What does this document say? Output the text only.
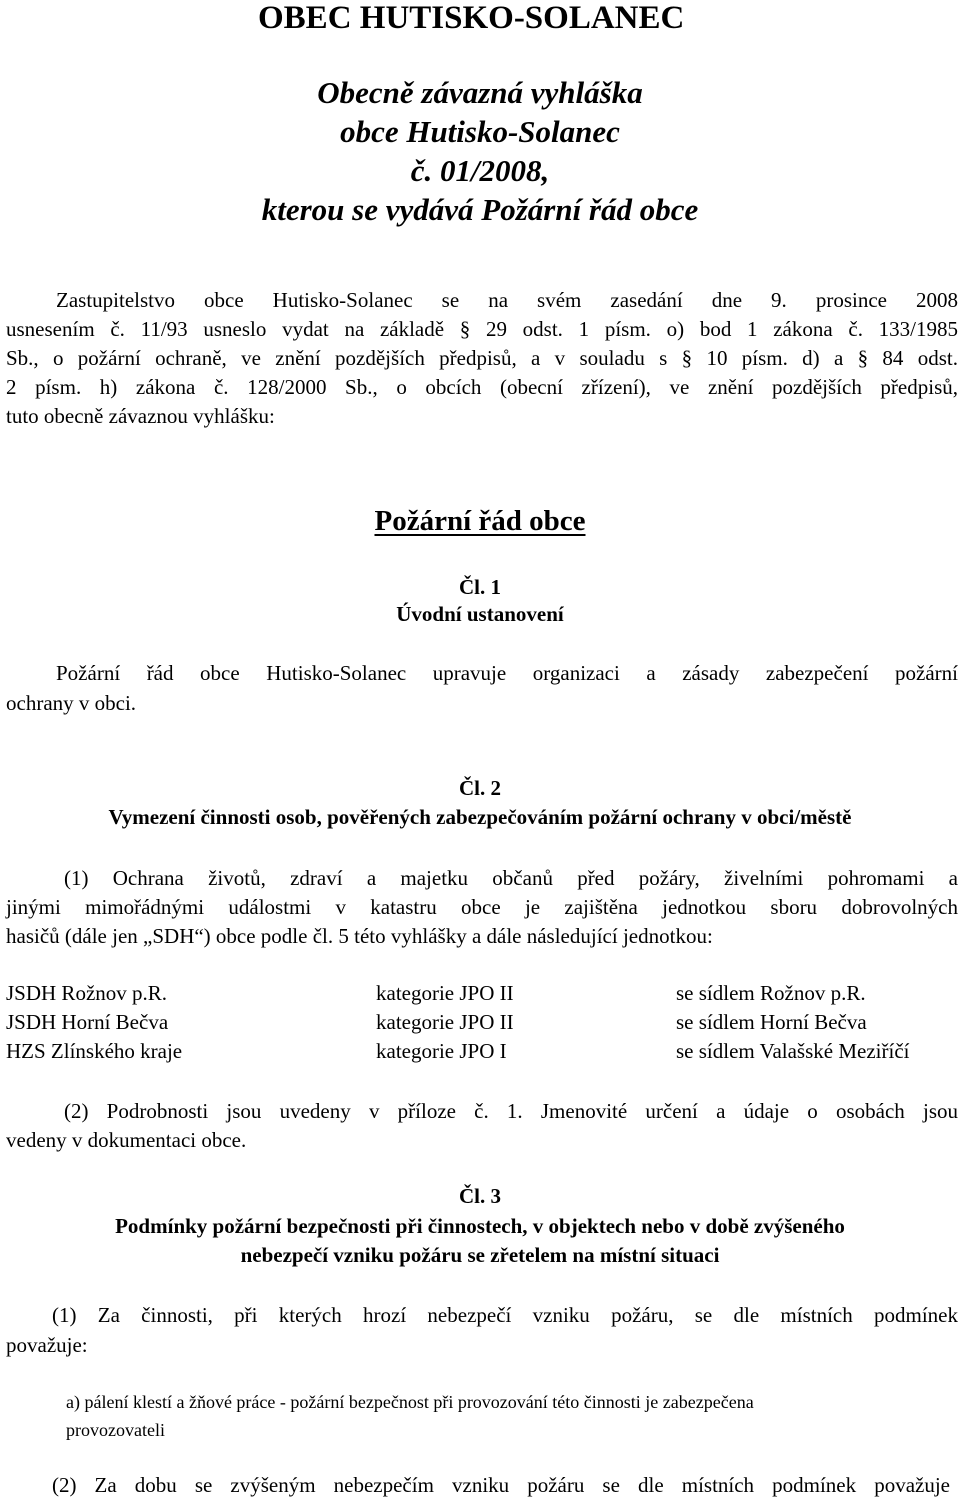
OBEC HUTISKO-SOLANEC
Obecně závazná vyhláška
obce Hutisko-Solanec
č. 01/2008,
kterou se vydává Požární řád obce
Zastupitelstvo obce Hutisko-Solanec se na svém zasedání dne 9. prosince 2008
usnesením č. 11/93 usneslo vydat na základě § 29 odst. 1 písm. o) bod 1 zákona č. 133/1985
Sb., o požární ochraně, ve znění pozdějších předpisů, a v souladu s § 10 písm. d) a § 84 odst.
2 písm. h) zákona č. 128/2000 Sb., o obcích (obecní zřízení), ve znění pozdějších předpisů,
tuto obecně závaznou vyhlášku:
Požární řád obce
Čl. 1
Úvodní ustanovení
Požární řád obce Hutisko-Solanec upravuje organizaci a zásady zabezpečení požární
ochrany v obci.
Čl. 2
Vymezení činnosti osob, pověřených zabezpečováním požární ochrany v obci/městě
(1) Ochrana životů, zdraví a majetku občanů před požáry, živelními pohromami a
jinými mimořádnými událostmi v katastru obce je zajištěna jednotkou sboru dobrovolných
hasičů (dále jen „SDH“) obce podle čl. 5 této vyhlášky a dále následující jednotkou:
JSDH Rožnov p.R.	kategorie JPO II	se sídlem Rožnov p.R.
JSDH Horní Bečva	kategorie JPO II	se sídlem Horní Bečva
HZS Zlínského kraje	kategorie JPO I	se sídlem Valašské Meziříčí
(2) Podrobnosti jsou uvedeny v příloze č. 1. Jmenovité určení a údaje o osobách jsou
vedeny v dokumentaci obce.
Čl. 3
Podmínky požární bezpečnosti při činnostech, v objektech nebo v době zvýšeného
nebezpečí vzniku požáru se zřetelem na místní situaci
(1) Za činnosti, při kterých hrozí nebezpečí vzniku požáru, se dle místních podmínek
považuje:
a) pálení klestí a žňové práce - požární bezpečnost při provozování této činnosti je zabezpečena
provozovateli
(2) Za dobu se zvýšeným nebezpečím vzniku požáru se dle místních podmínek považuje
